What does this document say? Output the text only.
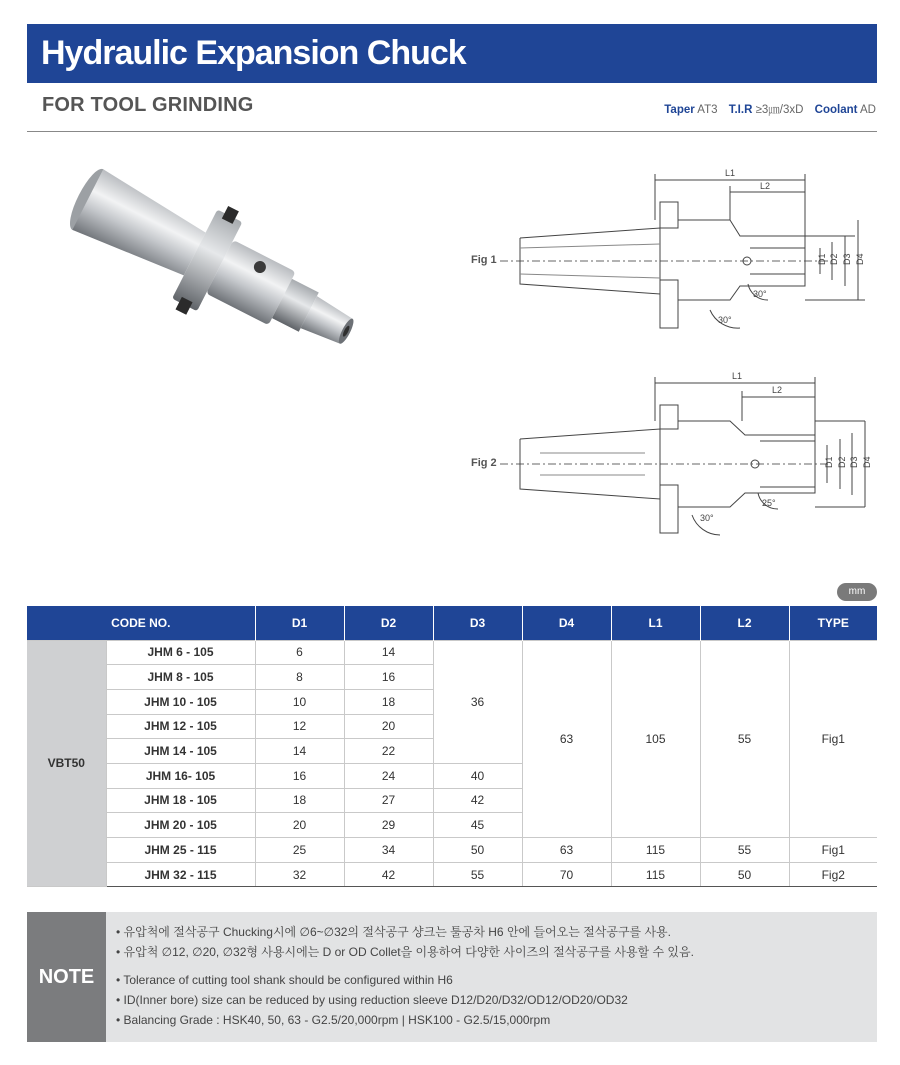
Hydraulic Expansion Chuck
FOR TOOL GRINDING	Taper AT3 T.I.R ≥3㎛/3xD Coolant AD
Fig 1
L1
L2
D1 D2 D3 D4
30°
30°
Fig 2
L1
L2
D1 D2 D3 D4
30°
25°
mm
CODE NO.		D1	D2	D3	D4	L1	L2	TYPE
VBT50	JHM 6 - 105	6	14	36	63	105	55	Fig1
	JHM 8 - 105	8	16					
	JHM 10 - 105	10	18					
	JHM 12 - 105	12	20					
	JHM 14 - 105	14	22					
	JHM 16- 105	16	24	40				
	JHM 18 - 105	18	27	42				
	JHM 20 - 105	20	29	45				
	JHM 25 - 115	25	34	50	63	115	55	Fig1
	JHM 32 - 115	32	42	55	70	115	50	Fig2
NOTE
• 유압척에 절삭공구 Chucking시에 ∅6~∅32의 절삭공구 샹크는 툴공차 H6 안에 들어오는 절삭공구를 사용.
• 유압척 ∅12, ∅20, ∅32형 사용시에는 D or OD Collet을 이용하여 다양한 사이즈의 절삭공구를 사용할 수 있음.
• Tolerance of cutting tool shank should be configured within H6
• ID(Inner bore) size can be reduced by using reduction sleeve D12/D20/D32/OD12/OD20/OD32
• Balancing Grade : HSK40, 50, 63 - G2.5/20,000rpm | HSK100 - G2.5/15,000rpm
